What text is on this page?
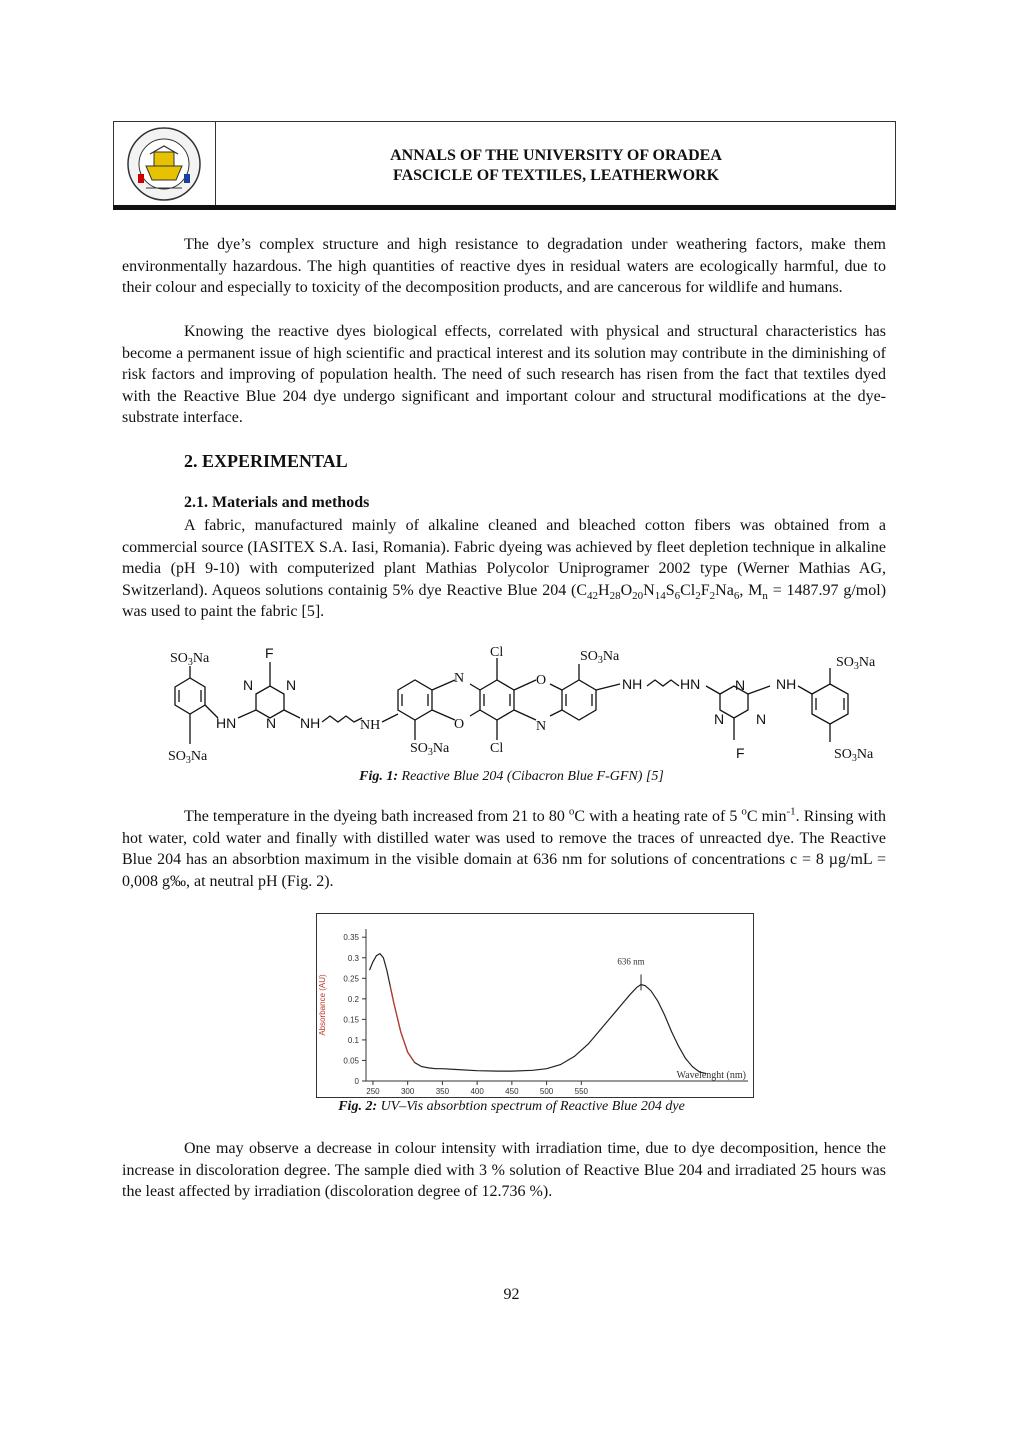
ANNALS OF THE UNIVERSITY OF ORADEA
FASCICLE OF TEXTILES, LEATHERWORK

The dye’s complex structure and high resistance to degradation under weathering factors, make them environmentally hazardous. The high quantities of reactive dyes in residual waters are ecologically harmful, due to their colour and especially to toxicity of the decomposition products, and are cancerous for wildlife and humans.

Knowing the reactive dyes biological effects, correlated with physical and structural characteristics has become a permanent issue of high scientific and practical interest and its solution may contribute in the diminishing of risk factors and improving of population health. The need of such research has risen from the fact that textiles dyed with the Reactive Blue 204 dye undergo significant and important colour and structural modifications at the dye-substrate interface.

2. EXPERIMENTAL
2.1. Materials and methods

A fabric, manufactured mainly of alkaline cleaned and bleached cotton fibers was obtained from a commercial source (IASITEX S.A. Iasi, Romania). Fabric dyeing was achieved by fleet depletion technique in alkaline media (pH 9-10) with computerized plant Mathias Polycolor Uniprogramer 2002 type (Werner Mathias AG, Switzerland). Aqueos solutions containig 5% dye Reactive Blue 204 ($C_{42}H_{28}O_{20}N_{14}S_6Cl_2F_2Na_6$, $M_n = 1487.97$ g/mol) was used to paint the fabric [5].

$SO_3Na$
$SO_3Na$
F
N N
N
HN	NH	NH
N
O
Cl
Cl
O
N
$SO_3Na$
$SO_3Na$
NH	HN N
N N
F
NH
$SO_3Na$
$SO_3Na$
Fig. 1: Reactive Blue 204 (Cibacron Blue F-GFN) [5]

The temperature in the dyeing bath increased from 21 to 80 $^o$C with a heating rate of 5 $^o$C $\min^{-1}$. Rinsing with hot water, cold water and finally with distilled water was used to remove the traces of unreacted dye. The Reactive Blue 204 has an absorbtion maximum in the visible domain at 636 nm for solutions of concentrations c = 8 µg/mL = 0,008 g‰, at neutral pH (Fig. 2).

0
0.05
0.1
0.15
0.2
0.25
0.3
0.35
250	300	350	400	450	500	550
Absorbance (AU)
Wavelenght (nm)
636 nm
Fig. 2: UV–Vis absorbtion spectrum of Reactive Blue 204 dye

One may observe a decrease in colour intensity with irradiation time, due to dye decomposition, hence the increase in discoloration degree. The sample died with 3 % solution of Reactive Blue 204 and irradiated 25 hours was the least affected by irradiation (discoloration degree of 12.736 %).

92
